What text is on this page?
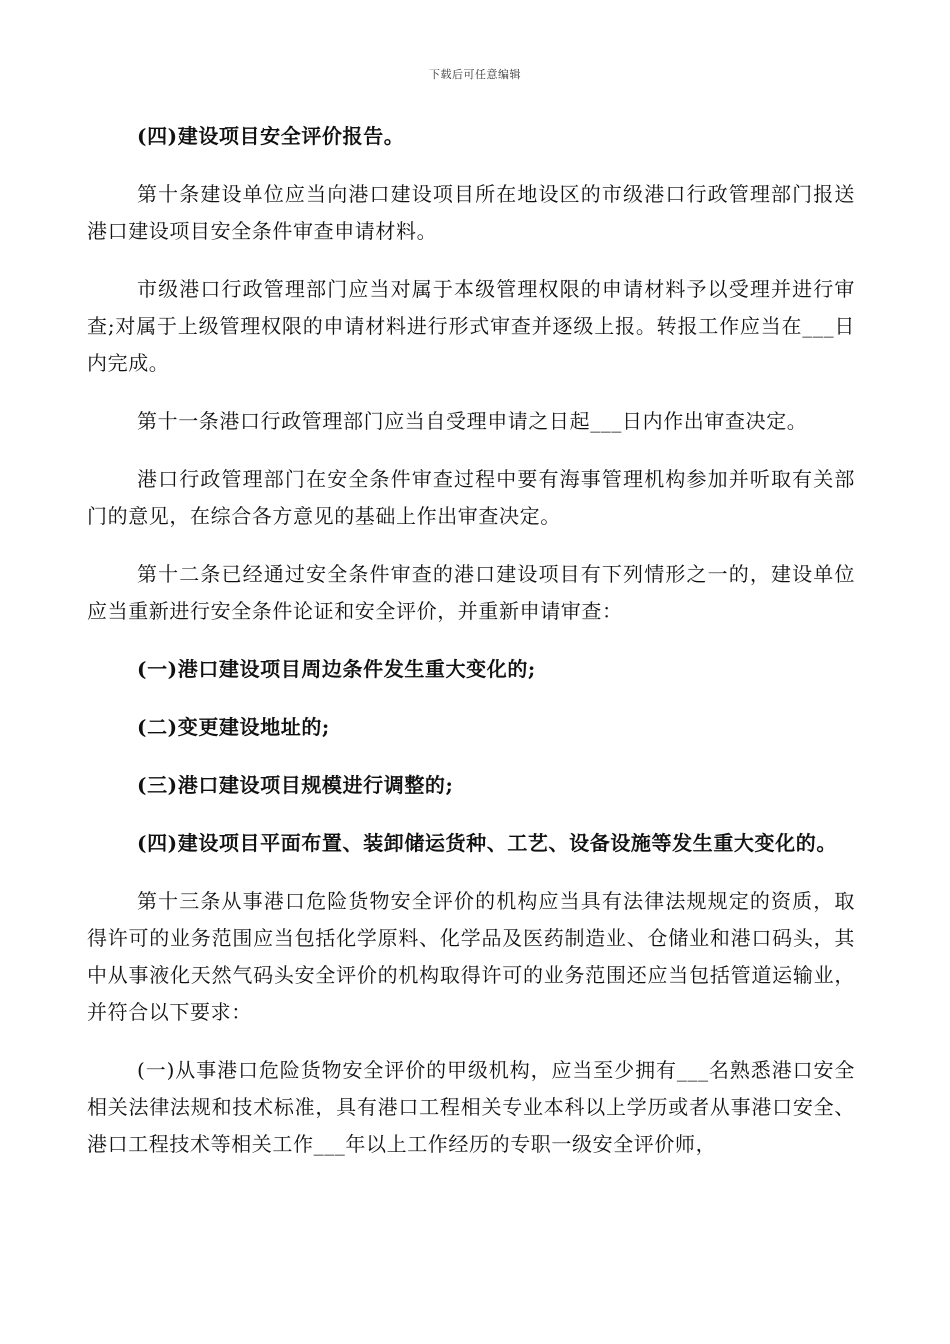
下载后可任意编辑

(四)建设项目安全评价报告。

第十条建设单位应当向港口建设项目所在地设区的市级港口行政管理部门报送港口建设项目安全条件审查申请材料。

市级港口行政管理部门应当对属于本级管理权限的申请材料予以受理并进行审查;对属于上级管理权限的申请材料进行形式审查并逐级上报。转报工作应当在___日内完成。

第十一条港口行政管理部门应当自受理申请之日起___日内作出审查决定。

港口行政管理部门在安全条件审查过程中要有海事管理机构参加并听取有关部门的意见，在综合各方意见的基础上作出审查决定。

第十二条已经通过安全条件审查的港口建设项目有下列情形之一的，建设单位应当重新进行安全条件论证和安全评价，并重新申请审查：

(一)港口建设项目周边条件发生重大变化的;

(二)变更建设地址的;

(三)港口建设项目规模进行调整的;

(四)建设项目平面布置、装卸储运货种、工艺、设备设施等发生重大变化的。

第十三条从事港口危险货物安全评价的机构应当具有法律法规规定的资质，取得许可的业务范围应当包括化学原料、化学品及医药制造业、仓储业和港口码头，其中从事液化天然气码头安全评价的机构取得许可的业务范围还应当包括管道运输业，并符合以下要求：

(一)从事港口危险货物安全评价的甲级机构，应当至少拥有___名熟悉港口安全相关法律法规和技术标准，具有港口工程相关专业本科以上学历或者从事港口安全、港口工程技术等相关工作___年以上工作经历的专职一级安全评价师，
